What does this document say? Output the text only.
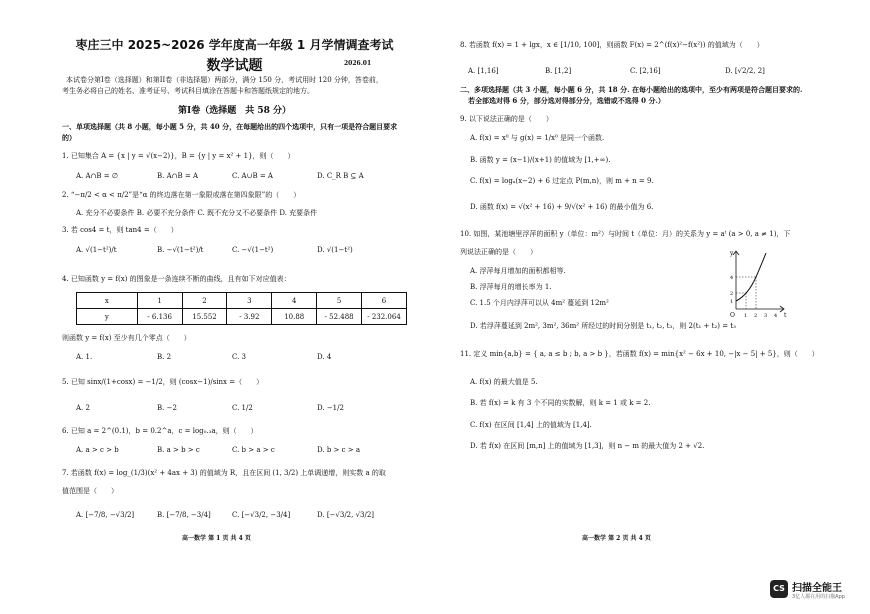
枣庄三中 2025~2026 学年度高一年级 1 月学情调查考试
数学试题	2026.01
本试卷分第I卷（选择题）和第II卷（非选择题）两部分，满分 150 分，考试用时 120 分钟，答卷前，
考生务必将自己的姓名、准考证号、考试科目填涂在答题卡和答题纸规定的地方。
第I卷（选择题　共 58 分）
一、单项选择题（共 8 小题，每小题 5 分，共 40 分，在每题给出的四个选项中，只有一项是符合题目要求
的）
1. 已知集合 A = {x | y = √(x−2)}，B = {y | y = x² + 1}，则（　　）
A. A∩B = ∅	B. A∩B = A	C. A∪B = A	D. C_R B ⊆ A
2. “−π/2 < α < π/2”是“α 的终边落在第一象限或落在第四象限”的（　　）
A. 充分不必要条件 B. 必要不充分条件 C. 既不充分又不必要条件 D. 充要条件
3. 若 cos4 = t，则 tan4 =（　　）
A. √(1−t²)/t	B. −√(1−t²)/t	C. −√(1−t²)	D. √(1−t²)
4. 已知函数 y = f(x) 的图象是一条连续不断的曲线，且有如下对应值表：
x	1	2	3	4	5	6
y	- 6.136	15.552	- 3.92	10.88	- 52.488	- 232.064
则函数 y = f(x) 至少有几个零点（　　）
A. 1.	B. 2	C. 3	D. 4
5. 已知 sinx/(1+cosx) = −1/2，则 (cosx−1)/sinx =（　　）
A. 2	B. −2	C. 1/2	D. −1/2
6. 已知 a = 2^(0.1)，b = 0.2^a，c = log₀.₃a，则（　　）
A. a > c > b	B. a > b > c	C. b > a > c	D. b > c > a
7. 若函数 f(x) = log_(1/3)(x² + 4ax + 3) 的值域为 R，且在区间 (1, 3/2) 上单调递增，则实数 a 的取
值范围是（　　）
A. [−7/8, −√3/2]	B. [−7/8, −3/4]	C. [−√3/2, −3/4]	D. [−√3/2, √3/2]
高一数学 第 1 页 共 4 页
8. 若函数 f(x) = 1 + lgx，x ∈ [1/10, 100]，则函数 F(x) = 2^(f(x)²−f(x²)) 的值域为（　　）
A. [1,16]	B. [1,2]	C. [2,16]	D. [√2/2, 2]
二、多项选择题（共 3 小题，每小题 6 分，共 18 分. 在每小题给出的选项中，至少有两项是符合题目要求的.
若全部选对得 6 分，部分选对得部分分，选错或不选得 0 分.）
9. 以下说法正确的是（　　）
A. f(x) = x⁰ 与 g(x) = 1/x⁰ 是同一个函数.
B. 函数 y = (x−1)/(x+1) 的值域为 [1,+∞).
C. f(x) = logₐ(x−2) + 6 过定点 P(m,n)，则 m + n = 9.
D. 函数 f(x) = √(x² + 16) + 9/√(x² + 16) 的最小值为 6.
10. 如图，某池塘里浮萍的面积 y（单位：m²）与时间 t（单位：月）的关系为 y = aᵗ (a > 0, a ≠ 1)，下
列说法正确的是（　　）
A. 浮萍每月增加的面积都相等.
B. 浮萍每月的增长率为 1.
C. 1.5 个月内浮萍可以从 4m² 蔓延到 12m²
D. 若浮萍蔓延到 2m², 3m², 36m² 所经过的时间分别是 t₁, t₂, t₃，则 2(t₁ + t₂) = t₃
11. 定义 min{a,b} = { a, a ≤ b ; b, a > b }，若函数 f(x) = min{x² − 6x + 10, −|x − 5| + 5}，则（　　）
A. f(x) 的最大值是 5.
B. 若 f(x) = k 有 3 个不同的实数解，则 k = 1 或 k = 2.
C. f(x) 在区间 [1,4] 上的值域为 [1,4].
D. 若 f(x) 在区间 [m,n] 上的值域为 [1,3]，则 n − m 的最大值为 2 + √2.
高一数学 第 2 页 共 4 页
y
t
O
4
2
1
1 2 3 4
CS 扫描全能王
3亿人都在用的扫描App
